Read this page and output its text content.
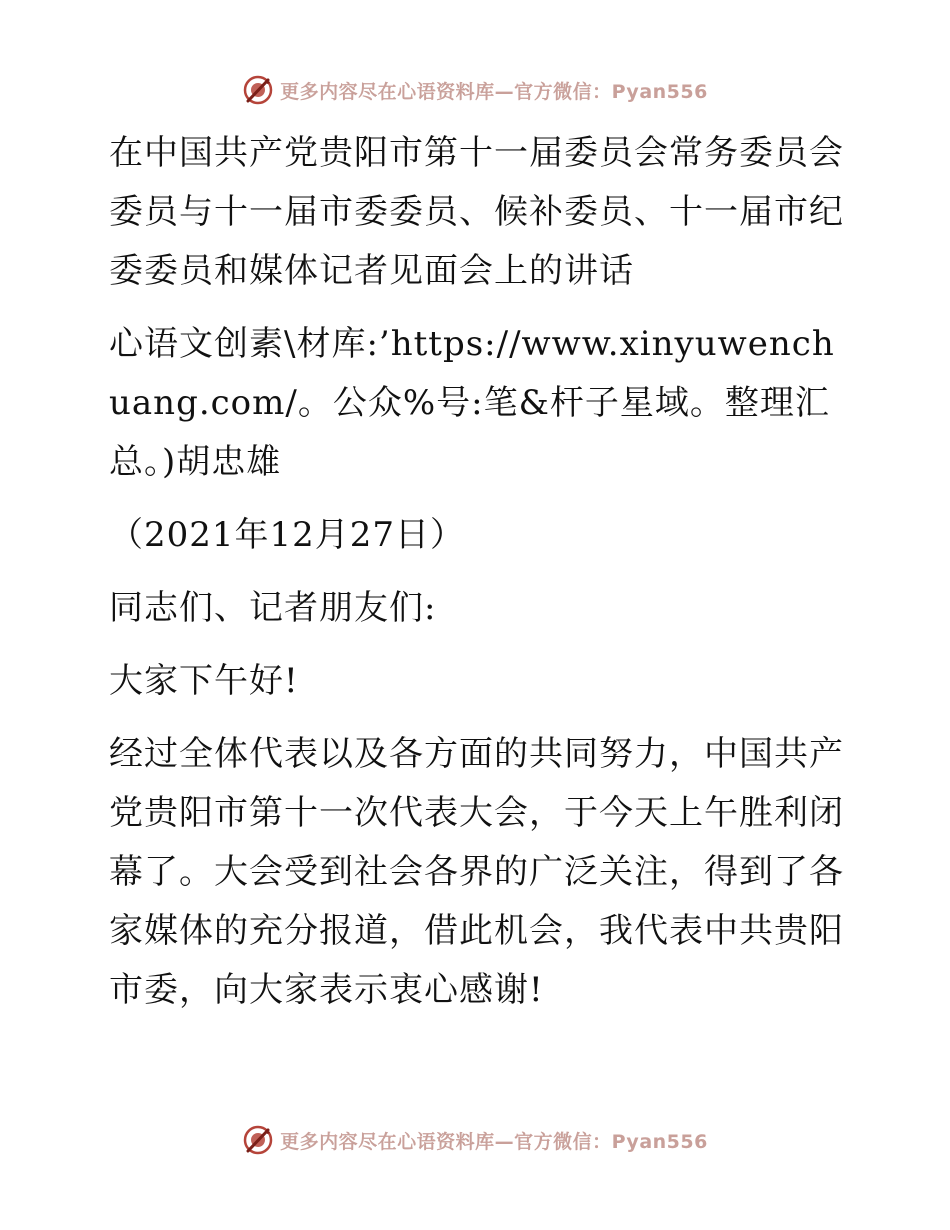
更多内容尽在心语资料库—官方微信：Pyan556

在中国共产党贵阳市第十一届委员会常务委员会委员与十一届市委委员、候补委员、十一届市纪委委员和媒体记者见面会上的讲话

心语文创素\材库:’https://www.xinyuwenchuang.com/。公众%号:笔&杆子星域。整理汇总。)胡忠雄

（2021年12月27日）

同志们、记者朋友们:

大家下午好!

经过全体代表以及各方面的共同努力，中国共产党贵阳市第十一次代表大会，于今天上午胜利闭幕了。大会受到社会各界的广泛关注，得到了各家媒体的充分报道，借此机会，我代表中共贵阳市委，向大家表示衷心感谢!

更多内容尽在心语资料库—官方微信：Pyan556
